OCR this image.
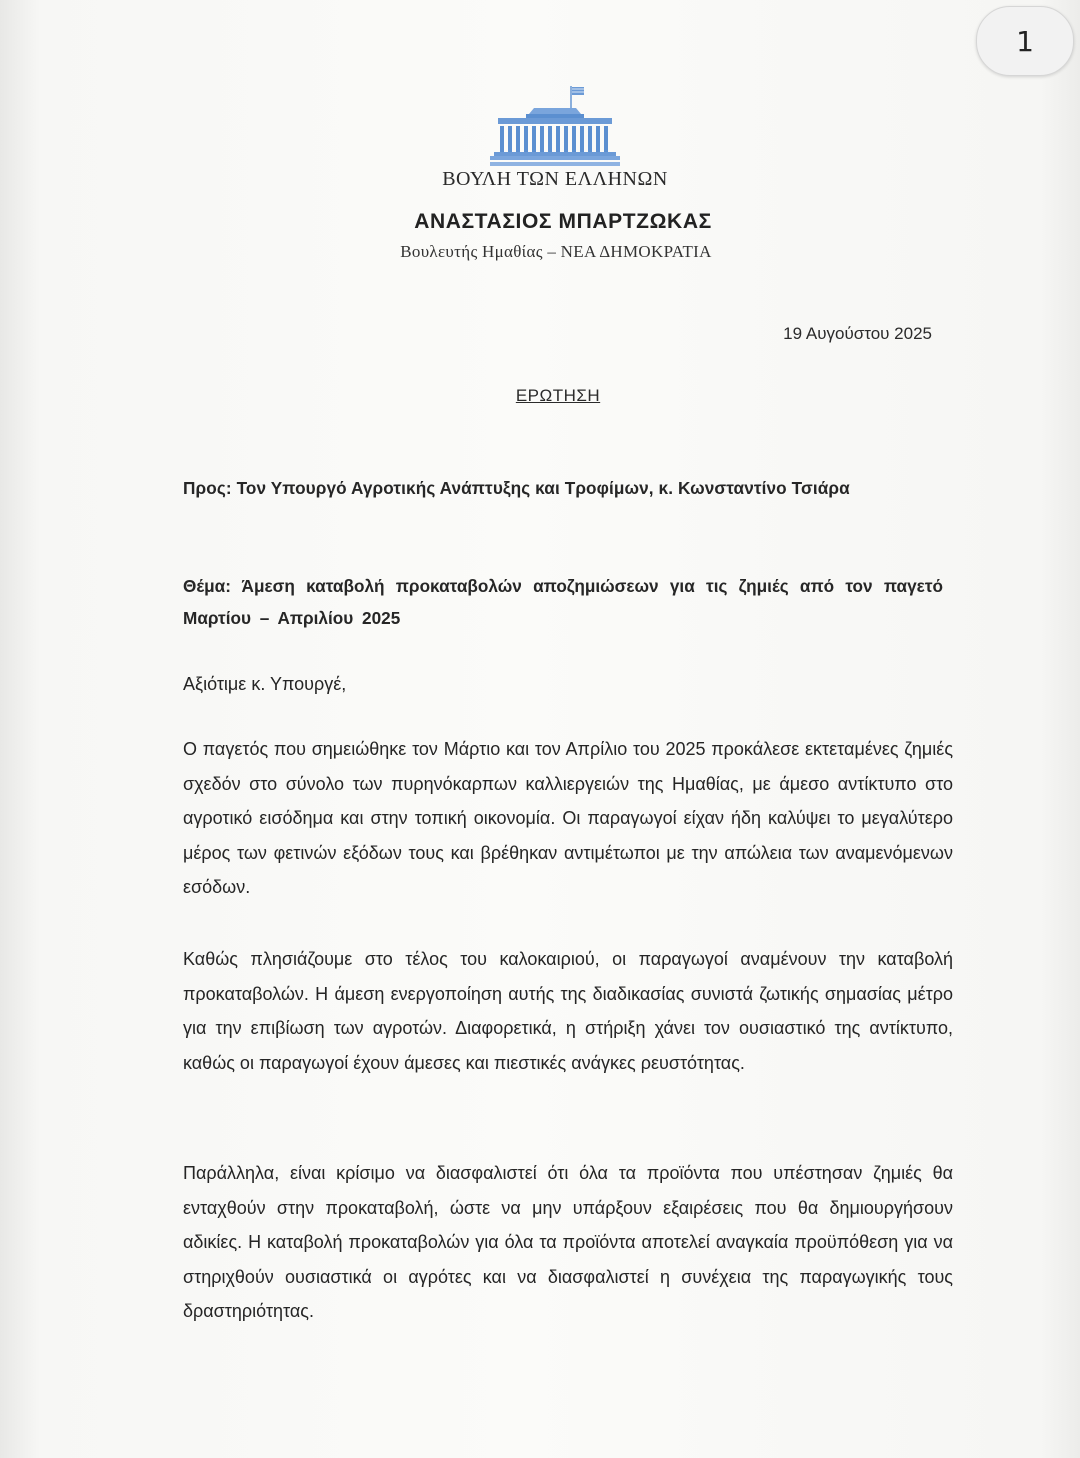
1
ΒΟΥΛΗ ΤΩΝ ΕΛΛΗΝΩΝ
ΑΝΑΣΤΑΣΙΟΣ ΜΠΑΡΤΖΩΚΑΣ
Βουλευτής Ημαθίας – ΝΕΑ ΔΗΜΟΚΡΑΤΙΑ
19 Αυγούστου 2025
ΕΡΩΤΗΣΗ
Προς: Τον Υπουργό Αγροτικής Ανάπτυξης και Τροφίμων, κ. Κωνσταντίνο Τσιάρα
Θέμα: Άμεση καταβολή προκαταβολών αποζημιώσεων για τις ζημιές από τον παγετό Μαρτίου – Απριλίου 2025
Αξιότιμε κ. Υπουργέ,
Ο παγετός που σημειώθηκε τον Μάρτιο και τον Απρίλιο του 2025 προκάλεσε εκτεταμένες ζημιές σχεδόν στο σύνολο των πυρηνόκαρπων καλλιεργειών της Ημαθίας, με άμεσο αντίκτυπο στο αγροτικό εισόδημα και στην τοπική οικονομία. Οι παραγωγοί είχαν ήδη καλύψει το μεγαλύτερο μέρος των φετινών εξόδων τους και βρέθηκαν αντιμέτωποι με την απώλεια των αναμενόμενων εσόδων.
Καθώς πλησιάζουμε στο τέλος του καλοκαιριού, οι παραγωγοί αναμένουν την καταβολή προκαταβολών. Η άμεση ενεργοποίηση αυτής της διαδικασίας συνιστά ζωτικής σημασίας μέτρο για την επιβίωση των αγροτών. Διαφορετικά, η στήριξη χάνει τον ουσιαστικό της αντίκτυπο, καθώς οι παραγωγοί έχουν άμεσες και πιεστικές ανάγκες ρευστότητας.
Παράλληλα, είναι κρίσιμο να διασφαλιστεί ότι όλα τα προϊόντα που υπέστησαν ζημιές θα ενταχθούν στην προκαταβολή, ώστε να μην υπάρξουν εξαιρέσεις που θα δημιουργήσουν αδικίες. Η καταβολή προκαταβολών για όλα τα προϊόντα αποτελεί αναγκαία προϋπόθεση για να στηριχθούν ουσιαστικά οι αγρότες και να διασφαλιστεί η συνέχεια της παραγωγικής τους δραστηριότητας.
